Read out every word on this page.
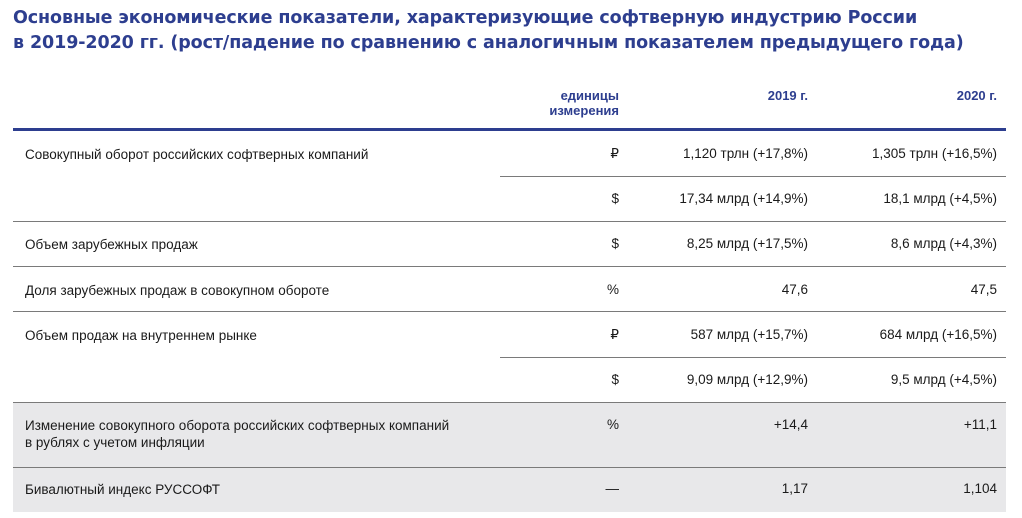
Основные экономические показатели, характеризующие софтверную индустрию России
в 2019-2020 гг. (рост/падение по сравнению с аналогичным показателем предыдущего года)
единицы
измерения
2019 г.	2020 г.
Совокупный оборот российских софтверных компаний	₽	1,120 трлн (+17,8%)	1,305 трлн (+16,5%)
$	17,34 млрд (+14,9%)	18,1 млрд (+4,5%)
Объем зарубежных продаж	$	8,25 млрд (+17,5%)	8,6 млрд (+4,3%)
Доля зарубежных продаж в совокупном обороте	%	47,6	47,5
Объем продаж на внутреннем рынке	₽	587 млрд (+15,7%)	684 млрд (+16,5%)
$	9,09 млрд (+12,9%)	9,5 млрд (+4,5%)
Изменение совокупного оборота российских софтверных компаний
в рублях с учетом инфляции
%	+14,4	+11,1
Бивалютный индекс РУССОФТ	—	1,17	1,104
